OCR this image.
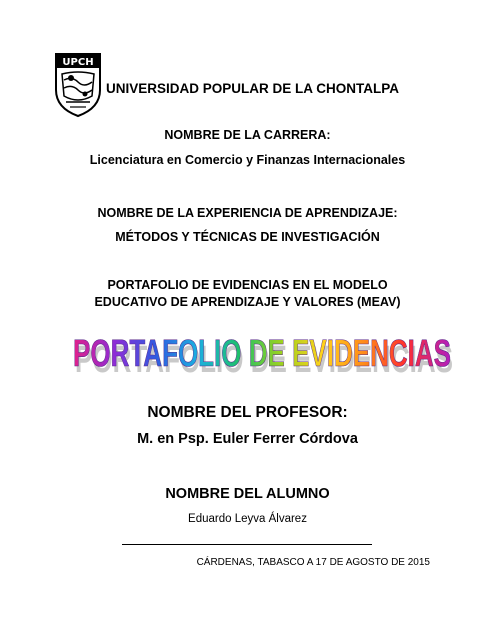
UPCH
UNIVERSIDAD POPULAR DE LA CHONTALPA
NOMBRE DE LA CARRERA:
Licenciatura en Comercio y Finanzas Internacionales
NOMBRE DE LA EXPERIENCIA DE APRENDIZAJE:
MÉTODOS Y TÉCNICAS DE INVESTIGACIÓN
PORTAFOLIO DE EVIDENCIAS EN EL MODELO
EDUCATIVO DE APRENDIZAJE Y VALORES (MEAV)
PORTAFOLIO DE EVIDENCIAS
PORTAFOLIO DE EVIDENCIAS
NOMBRE DEL PROFESOR:
M. en Psp. Euler Ferrer Córdova
NOMBRE DEL ALUMNO
Eduardo Leyva Álvarez
CÁRDENAS, TABASCO A 17 DE AGOSTO DE 2015
